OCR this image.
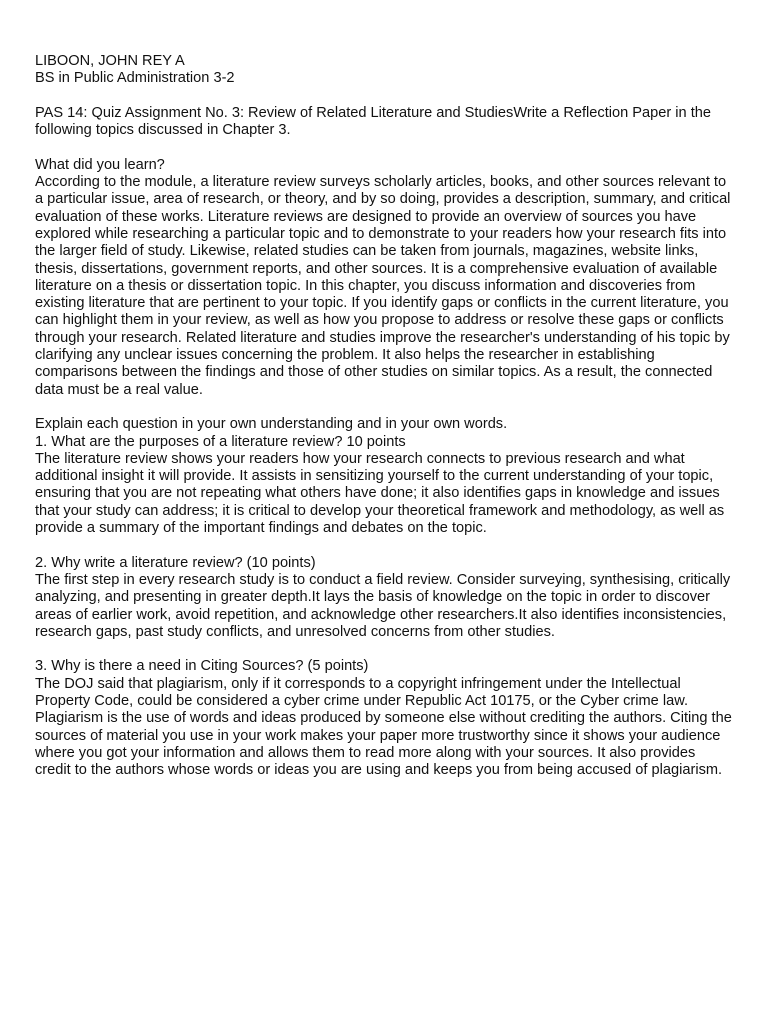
LIBOON, JOHN REY A

BS in Public Administration 3-2

PAS 14: Quiz Assignment No. 3: Review of Related Literature and StudiesWrite a Reflection Paper in the following topics discussed in Chapter 3.

What did you learn?

According to the module, a literature review surveys scholarly articles, books, and other sources relevant to a particular issue, area of research, or theory, and by so doing, provides a description, summary, and critical evaluation of these works. Literature reviews are designed to provide an overview of sources you have explored while researching a particular topic and to demonstrate to your readers how your research fits into the larger field of study. Likewise, related studies can be taken from journals, magazines, website links, thesis, dissertations, government reports, and other sources. It is a comprehensive evaluation of available literature on a thesis or dissertation topic. In this chapter, you discuss information and discoveries from existing literature that are pertinent to your topic. If you identify gaps or conflicts in the current literature, you can highlight them in your review, as well as how you propose to address or resolve these gaps or conflicts through your research. Related literature and studies improve the researcher's understanding of his topic by clarifying any unclear issues concerning the problem. It also helps the researcher in establishing comparisons between the findings and those of other studies on similar topics. As a result, the connected data must be a real value.

Explain each question in your own understanding and in your own words.

1. What are the purposes of a literature review? 10 points

The literature review shows your readers how your research connects to previous research and what additional insight it will provide. It assists in sensitizing yourself to the current understanding of your topic, ensuring that you are not repeating what others have done; it also identifies gaps in knowledge and issues that your study can address; it is critical to develop your theoretical framework and methodology, as well as provide a summary of the important findings and debates on the topic.

2. Why write a literature review? (10 points)

The first step in every research study is to conduct a field review. Consider surveying, synthesising, critically analyzing, and presenting in greater depth.It lays the basis of knowledge on the topic in order to discover areas of earlier work, avoid repetition, and acknowledge other researchers.It also identifies inconsistencies, research gaps, past study conflicts, and unresolved concerns from other studies.

3. Why is there a need in Citing Sources? (5 points)

The DOJ said that plagiarism, only if it corresponds to a copyright infringement under the Intellectual Property Code, could be considered a cyber crime under Republic Act 10175, or the Cyber crime law. Plagiarism is the use of words and ideas produced by someone else without crediting the authors. Citing the sources of material you use in your work makes your paper more trustworthy since it shows your audience where you got your information and allows them to read more along with your sources. It also provides credit to the authors whose words or ideas you are using and keeps you from being accused of plagiarism.
